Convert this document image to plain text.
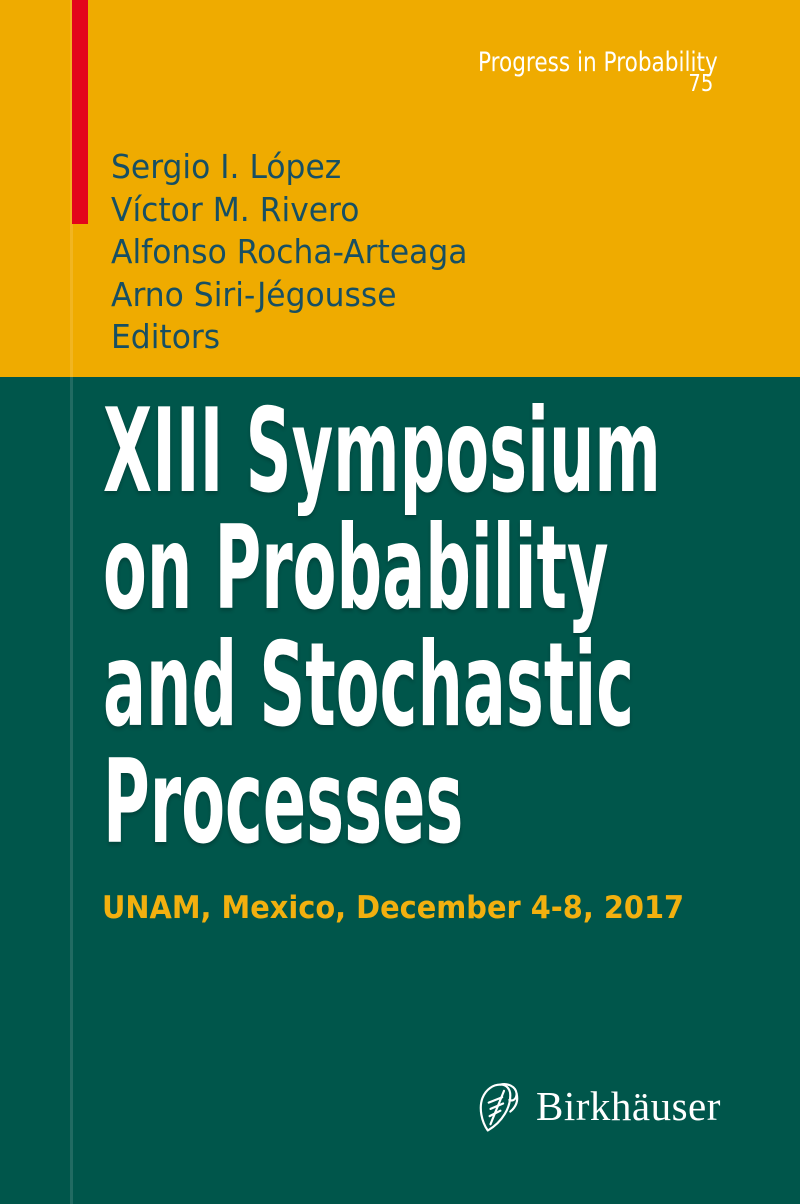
Progress in Probability
75
Sergio I. López
Víctor M. Rivero
Alfonso Rocha-Arteaga
Arno Siri-Jégousse
Editors
XIII Symposium
on Probability
and Stochastic
Processes
UNAM, Mexico, December 4-8, 2017
Birkhäuser
